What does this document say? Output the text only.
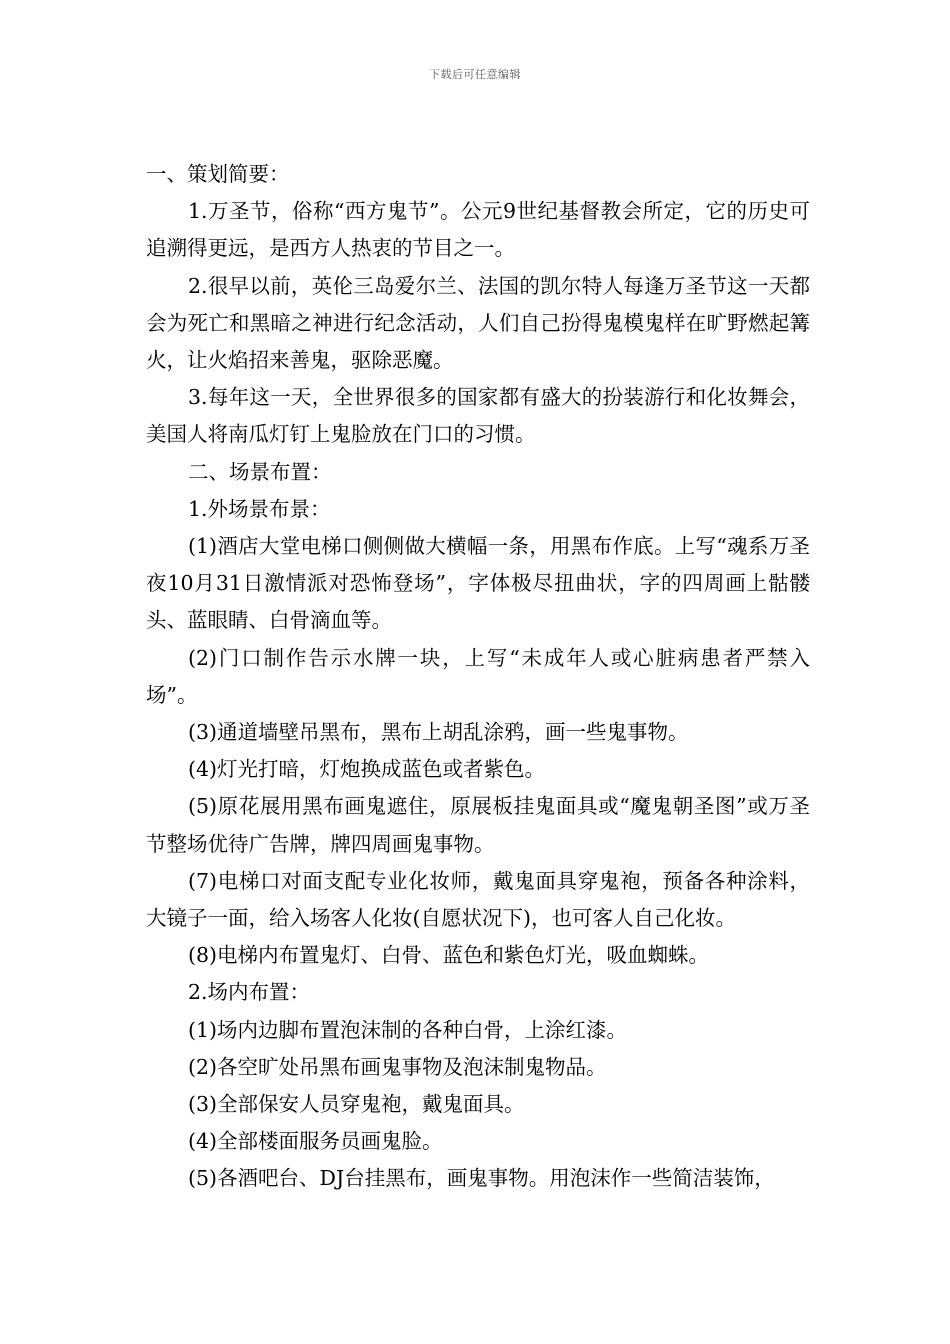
下载后可任意编辑

一、策划简要：

1.万圣节，俗称“西方鬼节”。公元9世纪基督教会所定，它的历史可追溯得更远，是西方人热衷的节目之一。

2.很早以前，英伦三岛爱尔兰、法国的凯尔特人每逢万圣节这一天都会为死亡和黑暗之神进行纪念活动，人们自己扮得鬼模鬼样在旷野燃起篝火，让火焰招来善鬼，驱除恶魔。

3.每年这一天，全世界很多的国家都有盛大的扮装游行和化妆舞会，美国人将南瓜灯钉上鬼脸放在门口的习惯。

二、场景布置：

1.外场景布景：

(1)酒店大堂电梯口侧侧做大横幅一条，用黑布作底。上写“魂系万圣夜10月31日激情派对恐怖登场”，字体极尽扭曲状，字的四周画上骷髅头、蓝眼睛、白骨滴血等。

(2)门口制作告示水牌一块，上写“未成年人或心脏病患者严禁入场”。

(3)通道墙壁吊黑布，黑布上胡乱涂鸦，画一些鬼事物。

(4)灯光打暗，灯炮换成蓝色或者紫色。

(5)原花展用黑布画鬼遮住，原展板挂鬼面具或“魔鬼朝圣图”或万圣节整场优待广告牌，牌四周画鬼事物。

(7)电梯口对面支配专业化妆师，戴鬼面具穿鬼袍，预备各种涂料，大镜子一面，给入场客人化妆(自愿状况下)，也可客人自己化妆。

(8)电梯内布置鬼灯、白骨、蓝色和紫色灯光，吸血蜘蛛。

2.场内布置：

(1)场内边脚布置泡沫制的各种白骨，上涂红漆。

(2)各空旷处吊黑布画鬼事物及泡沫制鬼物品。

(3)全部保安人员穿鬼袍，戴鬼面具。

(4)全部楼面服务员画鬼脸。

(5)各酒吧台、DJ台挂黑布，画鬼事物。用泡沫作一些简洁装饰，
